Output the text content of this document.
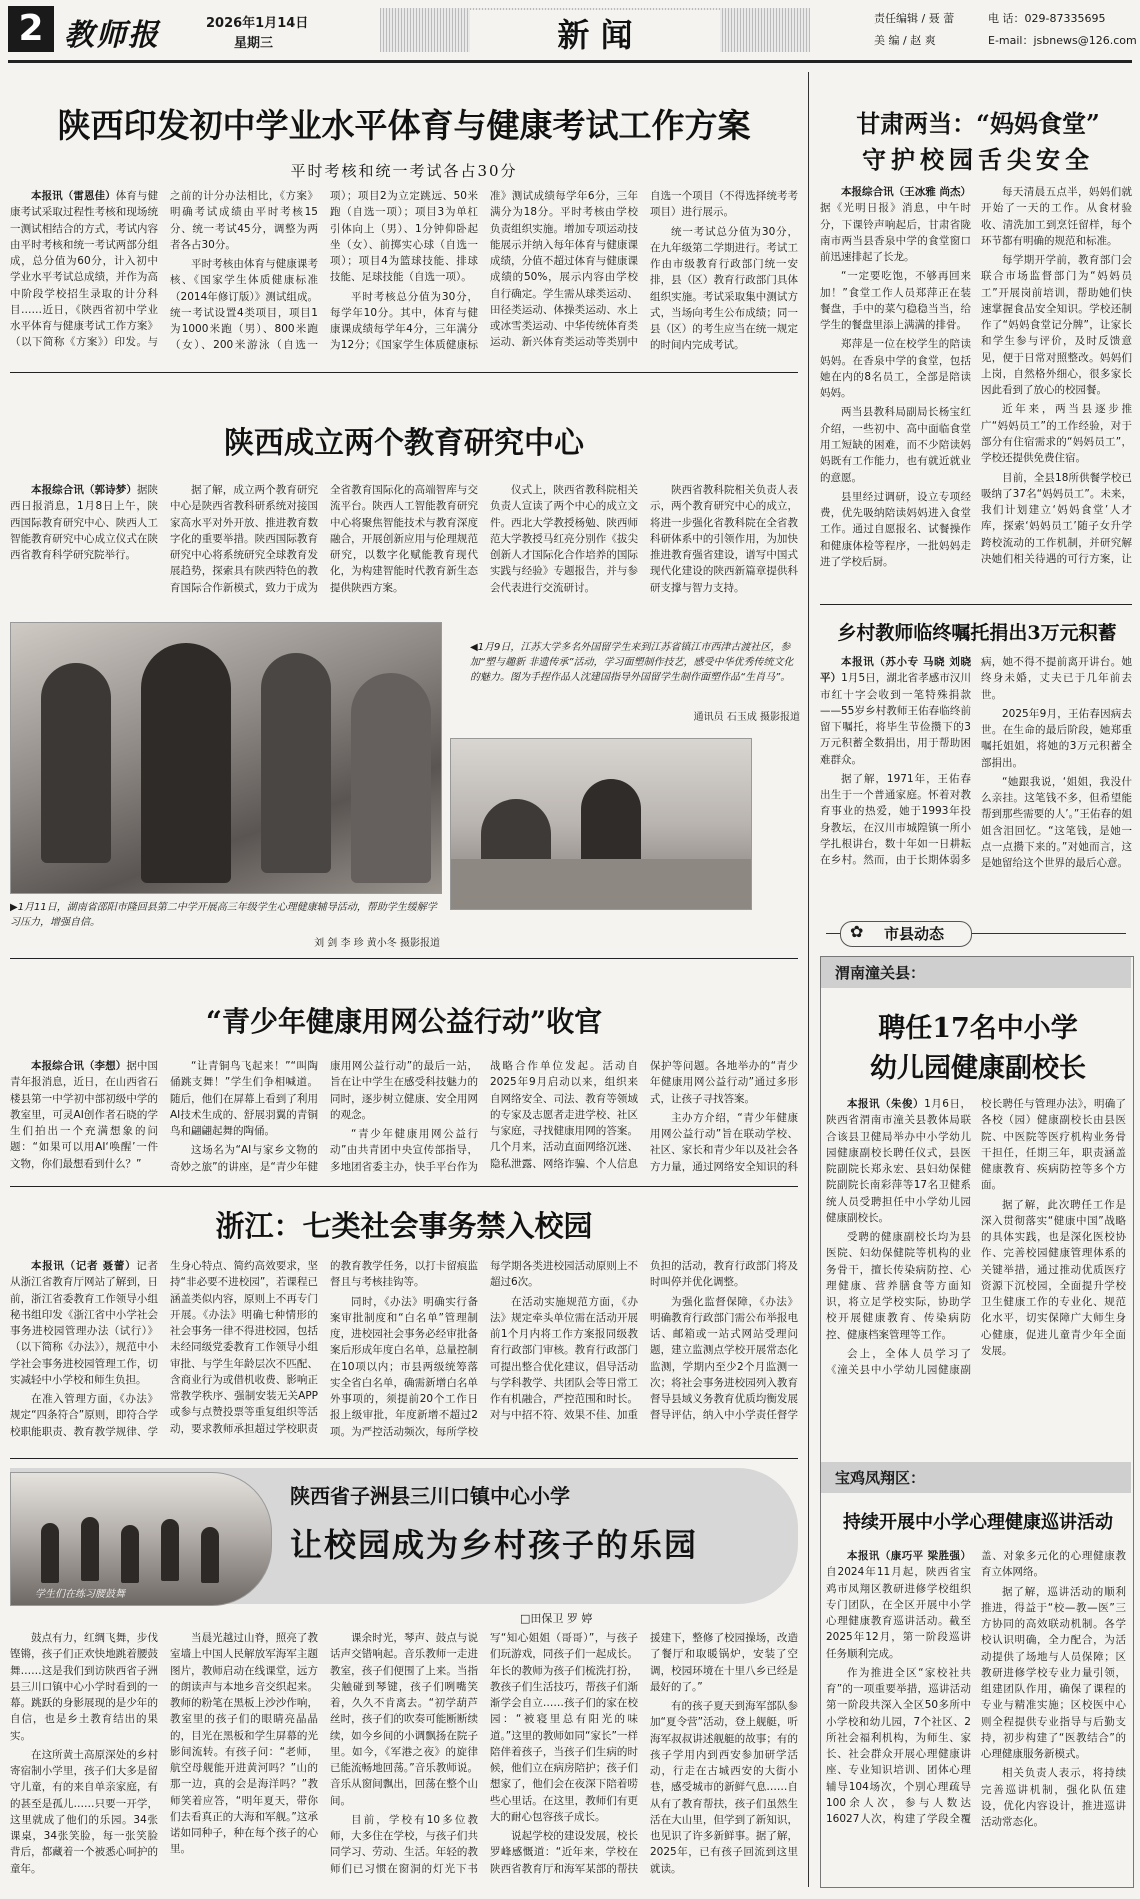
2 教师报	2026年1月14日
星期三	新 闻	责任编辑 / 聂 蕾	电 话：029-87335695
美 编 / 赵 爽	E-mail：jsbnews@126.com
陕西印发初中学业水平体育与健康考试工作方案
平时考核和统一考试各占30分

本报讯（雷恩佳）体育与健康考试采取过程性考核和现场统一测试相结合的方式，考试内容由平时考核和统一考试两部分组成，总分值为60分，计入初中学业水平考试总成绩，并作为高中阶段学校招生录取的计分科目……近日，《陕西省初中学业水平体育与健康考试工作方案》（以下简称《方案》）印发。与之前的计分办法相比，《方案》明确考试成绩由平时考核15分、统一考试45分，调整为两者各占30分。

平时考核由体育与健康课考核、《国家学生体质健康标准（2014年修订版）》测试组成。统一考试设置4类项目，项目1为1000米跑（男）、800米跑（女）、200米游泳（自选一项）；项目2为立定跳远、50米跑（自选一项）；项目3为单杠引体向上（男）、1分钟仰卧起坐（女）、前掷实心球（自选一项）；项目4为篮球技能、排球技能、足球技能（自选一项）。

平时考核总分值为30分，每学年10分。其中，体育与健康课成绩每学年4分，三年满分为12分；《国家学生体质健康标准》测试成绩每学年6分，三年满分为18分。平时考核由学校负责组织实施。增加专项运动技能展示并纳入每年体育与健康课成绩，分值不超过体育与健康课成绩的50%，展示内容由学校自行确定。学生需从球类运动、田径类运动、体操类运动、水上或冰雪类运动、中华传统体育类运动、新兴体育类运动等类别中自选一个项目（不得选择统考考项目）进行展示。

统一考试总分值为30分，在九年级第二学期进行。考试工作由市级教育行政部门统一安排，县（区）教育行政部门具体组织实施。考试采取集中测试方式，当场向考生公布成绩；同一县（区）的考生应当在统一规定的时间内完成考试。

陕西成立两个教育研究中心

本报综合讯（郭诗梦）据陕西日报消息，1月8日上午，陕西国际教育研究中心、陕西人工智能教育研究中心成立仪式在陕西省教育科学研究院举行。

据了解，成立两个教育研究中心是陕西省教科研系统对接国家高水平对外开放、推进教育数字化的重要举措。陕西国际教育研究中心将系统研究全球教育发展趋势，探索具有陕西特色的教育国际合作新模式，致力于成为全省教育国际化的高端智库与交流平台。陕西人工智能教育研究中心将聚焦智能技术与教育深度融合，开展创新应用与伦理规范研究，以数字化赋能教育现代化，为构建智能时代教育新生态提供陕西方案。

仪式上，陕西省教科院相关负责人宣读了两个中心的成立文件。西北大学教授杨勉、陕西师范大学教授马红亮分别作《拔尖创新人才国际化合作培养的国际实践与经验》专题报告，并与参会代表进行交流研讨。

陕西省教科院相关负责人表示，两个教育研究中心的成立，将进一步强化省教科院在全省教科研体系中的引领作用，为加快推进教育强省建设，谱写中国式现代化建设的陕西新篇章提供科研支撑与智力支持。

◀1月9日，江苏大学多名外国留学生来到江苏省镇江市西津古渡社区，参加“塑与趣新 非遗传承”活动，学习面塑制作技艺，感受中华优秀传统文化的魅力。图为手捏作品人沈建国指导外国留学生制作面塑作品“生肖马”。
通讯员 石玉成 摄影报道
▶1月11日，湖南省邵阳市隆回县第二中学开展高三年级学生心理健康辅导活动，帮助学生缓解学习压力，增强自信。
刘 剑 李 珍 黄小冬 摄影报道
“青少年健康用网公益行动”收官

本报综合讯（李想）据中国青年报消息，近日，在山西省石楼县第一中学初中部初级中学的教室里，可灵AI创作者石晓的学生们拍出一个充满想象的问题：“如果可以用AI‘唤醒’一件文物，你们最想看到什么？”

“让青铜鸟飞起来！”“叫陶俑跳支舞！”学生们争相喊道。随后，他们在屏幕上看到了利用AI技术生成的、舒展羽翼的青铜鸟和翩翩起舞的陶俑。

这场名为“AI与家乡文物的奇妙之旅”的讲座，是“青少年健康用网公益行动”的最后一站，旨在让中学生在感受科技魅力的同时，逐步树立健康、安全用网的观念。

“青少年健康用网公益行动”由共青团中央宣传部指导，多地团省委主办，快手平台作为战略合作单位发起。活动自2025年9月启动以来，组织来自网络安全、司法、教育等领域的专家及志愿者走进学校、社区与家庭，寻找健康用网的答案。几个月来，活动直面网络沉迷、隐私泄露、网络诈骗、个人信息保护等问题。各地举办的“青少年健康用网公益行动”通过多形式，让孩子寻找答案。

主办方介绍，“青少年健康用网公益行动”旨在联动学校、社区、家长和青少年以及社会各方力量，通过网络安全知识的科

浙江：七类社会事务禁入校园

本报讯（记者 聂蕾）记者从浙江省教育厅网站了解到，日前，浙江省委教育工作领导小组秘书组印发《浙江省中小学社会事务进校园管理办法（试行）》（以下简称《办法》），规范中小学社会事务进校园管理工作，切实减轻中小学校和师生负担。

在准入管理方面，《办法》规定“四条符合”原则，即符合学校职能职责、教育教学规律、学生身心特点、简约高效要求，坚持“非必要不进校园”，若课程已涵盖类似内容，原则上不再专门开展。《办法》明确七种情形的社会事务一律不得进校园，包括未经同级党委教育工作领导小组审批、与学生年龄层次不匹配、含商业行为或借机收费、影响正常教学秩序、强制安装无关APP或参与点赞投票等重复组织等活动，要求教师承担超过学校职责的教育教学任务，以打卡留痕监督且与考核挂钩等。

同时，《办法》明确实行备案审批制度和“白名单”管理制度，进校园社会事务必经审批备案后形成年度白名单，总量控制在10项以内；市县两级统筹落实全省白名单，确需新增白名单外事项的，须提前20个工作日报上级审批，年度新增不超过2项。为严控活动频次，每所学校每学期各类进校园活动原则上不超过6次。

在活动实施规范方面，《办法》规定牵头单位需在活动开展前1个月内将工作方案报同级教育行政部门审核。教育行政部门可提出整合优化建议，倡导活动与学科教学、共团队会等日常工作有机融合，严控范围和时长。对与中招不符、效果不佳、加重负担的活动，教育行政部门将及时叫停并优化调整。

为强化监督保障，《办法》明确教育行政部门需公布举报电话、邮箱或一站式网站受理问题，建立监测点学校开展常态化监测，学期内至少2个月监测一次；将社会事务进校园列入教育督导县域义务教育优质均衡发展督导评估，纳入中小学责任督学

学生们在练习腰鼓舞
陕西省子洲县三川口镇中心小学
让校园成为乡村孩子的乐园
□田保卫 罗 婷

鼓点有力，红绸飞舞，步伐铿锵，孩子们正欢快地跳着腰鼓舞……这是我们到访陕西省子洲县三川口镇中心小学时看到的一幕。跳跃的身影展现的是少年的自信，也是乡土教育结出的果实。

在这所黄土高原深处的乡村寄宿制小学里，孩子们大多是留守儿童，有的来自单亲家庭，有的甚至是孤儿……只要一开学，这里就成了他们的乐园。34张课桌，34张笑脸，每一张笑脸背后，都藏着一个被悉心呵护的童年。

当晨光越过山脊，照亮了教室墙上中国人民解放军海军主题图片，教师启动在线课堂，远方的朗读声与本地乡音交织起来。教师的粉笔在黑板上沙沙作响，教室里的孩子们的眼睛亮晶晶的，目光在黑板和学生屏幕的光影间流转。有孩子问：“老师，航空母舰能开进黄河吗？”山的那一边，真的会是海洋吗？”教师笑着应答，“明年夏天，带你们去看真正的大海和军舰。”这承诺如同种子，种在每个孩子的心里。

课余时光，琴声、鼓点与说话声交错响起。音乐教师一走进教室，孩子们便围了上来。当指尖触碰到琴键，孩子们咧嘴笑着，久久不肯离去。“初学葫芦丝时，孩子们的吹奏可能断断续续，如今乡间的小调飘扬在院子里。如今，《军港之夜》的旋律已能流畅地回荡。”音乐教师说。音乐从窗间飘出，回荡在整个山间。

目前，学校有10多位教师，大多住在学校，与孩子们共同学习、劳动、生活。年轻的教师们已习惯在窗洞的灯光下书写“知心姐姐（哥哥）”，与孩子们玩游戏，同孩子们一起成长。年长的教师为孩子们梳洗打扮，教孩子们生活技巧，帮孩子们渐渐学会自立……孩子们的家在校园：“被寝里总有阳光的味道。”这里的教师如同“家长”一样陪伴着孩子，当孩子们生病的时候，他们立在病房陪护；孩子们想家了，他们会在夜深下陪着唠些心里话。在这里，教师们有更大的耐心包容孩子成长。

说起学校的建设发展，校长罗峰感慨道：“近年来，学校在陕西省教育厅和海军某部的帮扶援建下，整修了校园操场，改造了餐厅和取暖锅炉，安装了空调，校园环境在十里八乡已经是最好的了。”

有的孩子夏天到海军部队参加“夏令营”活动，登上舰艇，听海军叔叔讲述舰艇的故事；有的孩子学用内到西安参加研学活动，行走在古城西安的大街小巷，感受城市的新鲜气息……自从有了教育帮扶，孩子们虽然生活在大山里，但学到了新知识，也见识了许多新鲜事。据了解，2025年，已有孩子回流到这里就读。

甘肃两当：“妈妈食堂”
守护校园舌尖安全

本报综合讯（王冰雅 尚杰）据《光明日报》消息，中午时分，下课铃声响起后，甘肃省陇南市两当县香泉中学的食堂窗口前迅速排起了长龙。

“一定要吃饱，不够再回来加！”食堂工作人员郑萍正在装餐盘，手中的菜勺稳稳当当，给学生的餐盘里添上满满的排骨。

郑萍是一位在校学生的陪读妈妈。在香泉中学的食堂，包括她在内的8名员工，全部是陪读妈妈。

两当县教科局副局长杨宝红介绍，一些初中、高中面临食堂用工短缺的困难，而不少陪读妈妈既有工作能力，也有就近就业的意愿。

县里经过调研，设立专项经费，优先吸纳陪读妈妈进入食堂工作。通过自愿报名、试餐操作和健康体检等程序，一批妈妈走进了学校后厨。

每天清晨五点半，妈妈们就开始了一天的工作。从食材验收、清洗加工到烹饪留样，每个环节都有明确的规范和标准。

每学期开学前，教育部门会联合市场监督部门为“妈妈员工”开展岗前培训，帮助她们快速掌握食品安全知识。学校还制作了“妈妈食堂记分牌”，让家长和学生参与评价，及时反馈意见，便于日常对照整改。妈妈们上岗，自然格外细心，很多家长因此看到了放心的校园餐。

近年来，两当县逐步推广“妈妈员工”的工作经验，对于部分有住宿需求的“妈妈员工”，学校还提供免费住宿。

目前，全县18所供餐学校已吸纳了37名“妈妈员工”。未来，我们计划建立‘妈妈食堂’人才库，探索‘妈妈员工’随子女升学跨校流动的工作机制，并研究解决她们相关待遇的可行方案，让

乡村教师临终嘱托捐出3万元积蓄

本报讯（苏小专 马晓 刘晓平）1月5日，湖北省孝感市汉川市红十字会收到一笔特殊捐款——55岁乡村教师王佑春临终前留下嘱托，将毕生节俭攒下的3万元积蓄全数捐出，用于帮助困难群众。

据了解，1971年，王佑春出生于一个普通家庭。怀着对教育事业的热爱，她于1993年投身教坛，在汉川市城隍镇一所小学扎根讲台，数十年如一日耕耘在乡村。然而，由于长期体弱多病，她不得不提前离开讲台。她终身未婚，丈夫已于几年前去世。

2025年9月，王佑春因病去世。在生命的最后阶段，她郑重嘱托姐姐，将她的3万元积蓄全部捐出。

“她跟我说，‘姐姐，我没什么亲挂。这笔钱不多，但希望能帮到那些需要的人’。”王佑春的姐姐含泪回忆。“这笔钱，是她一点一点攒下来的。”对她而言，这是她留给这个世界的最后心意。

✿ 市县动态
渭南潼关县：
聘任17名中小学
幼儿园健康副校长

本报讯（朱俊）1月6日，陕西省渭南市潼关县教体局联合该县卫健局举办中小学幼儿园健康副校长聘任仪式，县医院副院长郑永宏、县妇幼保健院副院长南彩萍等17名卫健系统人员受聘担任中小学幼儿园健康副校长。

受聘的健康副校长均为县医院、妇幼保健院等机构的业务骨干，擅长传染病防控、心理健康、营养膳食等方面知识，将立足学校实际，协助学校开展健康教育、传染病防控、健康档案管理等工作。

会上，全体人员学习了《潼关县中小学幼儿园健康副校长聘任与管理办法》，明确了各校（园）健康副校长由县医院、中医院等医疗机构业务骨干担任，任期三年，职责涵盖健康教育、疾病防控等多个方面。

据了解，此次聘任工作是深入贯彻落实“健康中国”战略的具体实践，也是深化医校协作、完善校园健康管理体系的关键举措，通过推动优质医疗资源下沉校园，全面提升学校卫生健康工作的专业化、规范化水平，切实保障广大师生身心健康，促进儿童青少年全面发展。

宝鸡凤翔区：
持续开展中小学心理健康巡讲活动

本报讯（康巧平 梁胜强）自2024年11月起，陕西省宝鸡市凤翔区教研进修学校组织专门团队，在全区开展中小学心理健康教育巡讲活动。截至2025年12月，第一阶段巡讲任务顺利完成。

作为推进全区“家校社共育”的一项重要举措，巡讲活动第一阶段共深入全区50多所中小学校和幼儿园，7个社区、2所社会福利机构，为师生、家长、社会群众开展心理健康讲座、专业知识培训、团体心理辅导104场次，个别心理疏导100余人次，参与人数达16027人次，构建了学段全覆盖、对象多元化的心理健康教育立体网络。

据了解，巡讲活动的顺利推进，得益于“校—教—医”三方协同的高效联动机制。各学校认识明确，全力配合，为活动提供了场地与人员保障；区教研进修学校专业力量引领，组建团队作用，确保了课程的专业与精准实施；区校医中心则全程提供专业指导与后勤支持，初步构建了“医教结合”的心理健康服务新模式。

相关负责人表示，将持续完善巡讲机制，强化队伍建设，优化内容设计，推进巡讲活动常态化。
